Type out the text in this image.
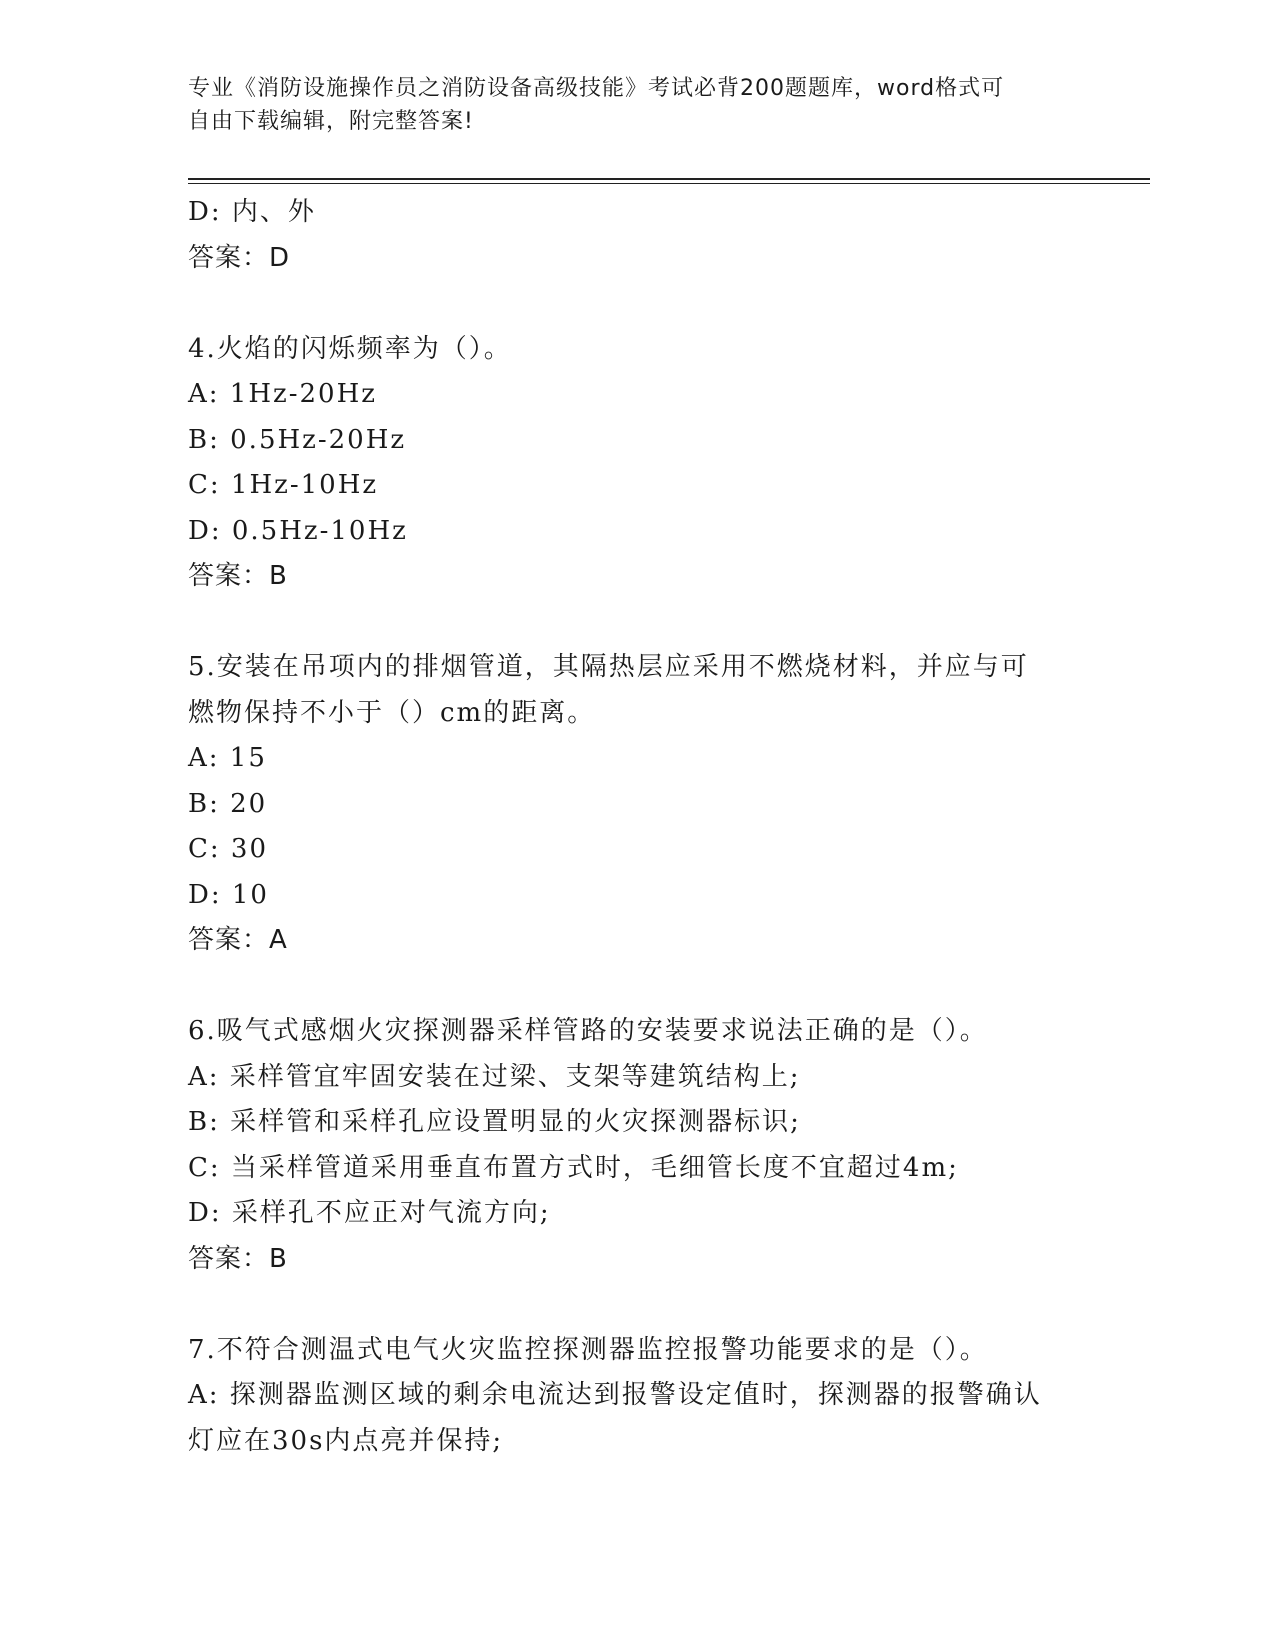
专业《消防设施操作员之消防设备高级技能》考试必背200题题库，word格式可
自由下载编辑，附完整答案!
D: 内、外
答案：D
4.火焰的闪烁频率为（）。
A: 1Hz-20Hz
B: 0.5Hz-20Hz
C: 1Hz-10Hz
D: 0.5Hz-10Hz
答案：B
5.安装在吊项内的排烟管道，其隔热层应采用不燃烧材料，并应与可
燃物保持不小于（）cm的距离。
A: 15
B: 20
C: 30
D: 10
答案：A
6.吸气式感烟火灾探测器采样管路的安装要求说法正确的是（）。
A: 采样管宜牢固安装在过梁、支架等建筑结构上;
B: 采样管和采样孔应设置明显的火灾探测器标识;
C: 当采样管道采用垂直布置方式时，毛细管长度不宜超过4m;
D: 采样孔不应正对气流方向;
答案：B
7.不符合测温式电气火灾监控探测器监控报警功能要求的是（）。
A: 探测器监测区域的剩余电流达到报警设定值时，探测器的报警确认
灯应在30s内点亮并保持;
